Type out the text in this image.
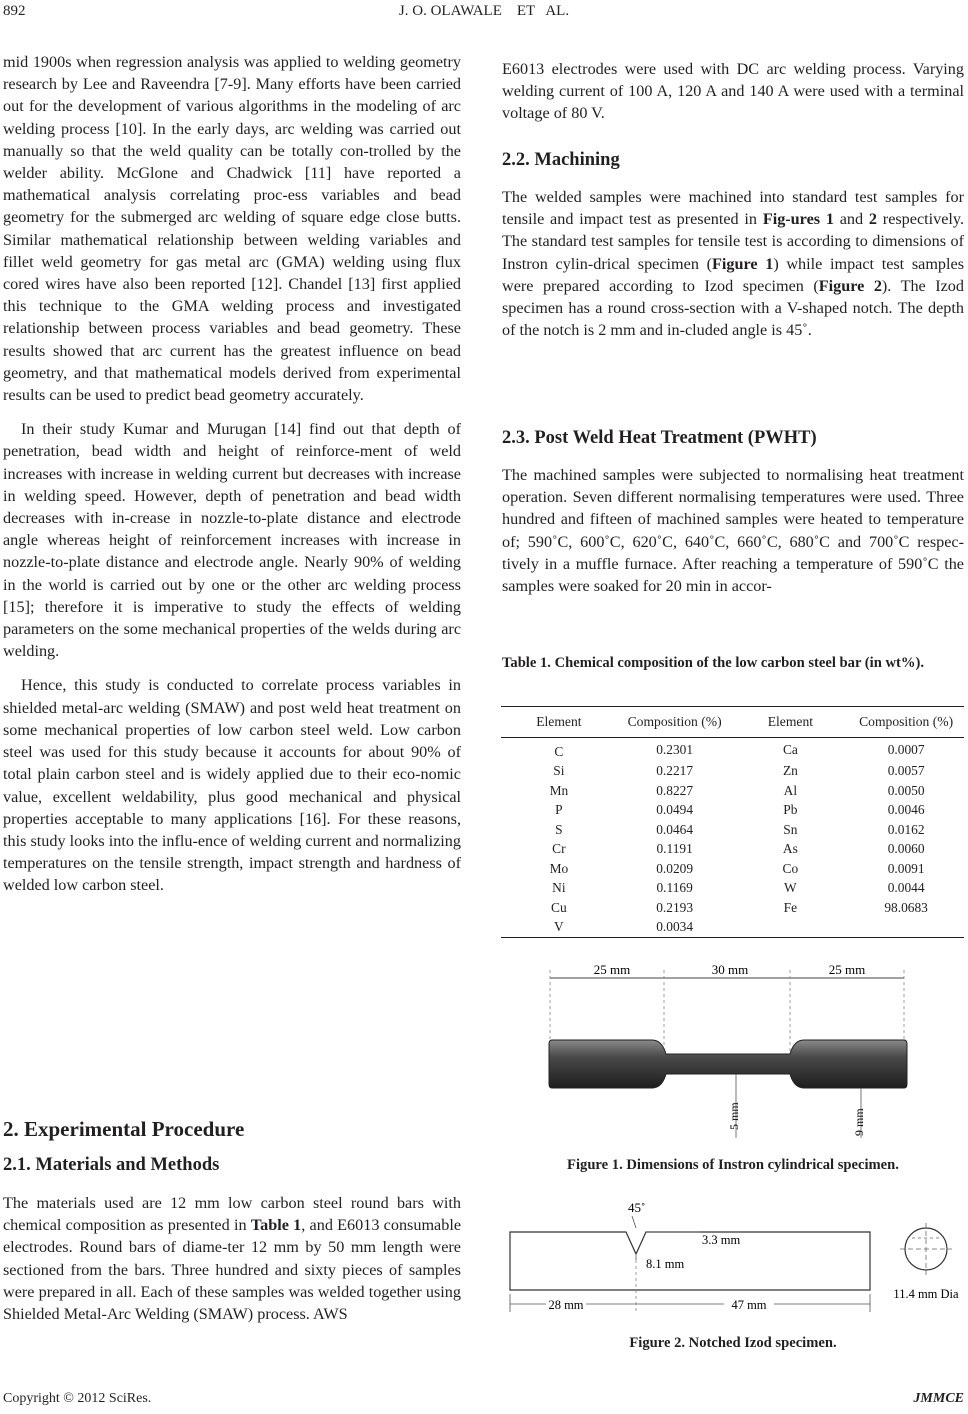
892	J. O. OLAWALE    ET   AL.

mid 1900s when regression analysis was applied to welding geometry research by Lee and Raveendra [7-9]. Many efforts have been carried out for the development of various algorithms in the modeling of arc welding process [10]. In the early days, arc welding was carried out manually so that the weld quality can be totally con-trolled by the welder ability. McGlone and Chadwick [11] have reported a mathematical analysis correlating proc-ess variables and bead geometry for the submerged arc welding of square edge close butts. Similar mathematical relationship between welding variables and fillet weld geometry for gas metal arc (GMA) welding using flux cored wires have also been reported [12]. Chandel [13] first applied this technique to the GMA welding process and investigated relationship between process variables and bead geometry. These results showed that arc current has the greatest influence on bead geometry, and that mathematical models derived from experimental results can be used to predict bead geometry accurately.

In their study Kumar and Murugan [14] find out that depth of penetration, bead width and height of reinforce-ment of weld increases with increase in welding current but decreases with increase in welding speed. However, depth of penetration and bead width decreases with in-crease in nozzle-to-plate distance and electrode angle whereas height of reinforcement increases with increase in nozzle-to-plate distance and electrode angle. Nearly 90% of welding in the world is carried out by one or the other arc welding process [15]; therefore it is imperative to study the effects of welding parameters on the some mechanical properties of the welds during arc welding.

Hence, this study is conducted to correlate process variables in shielded metal-arc welding (SMAW) and post weld heat treatment on some mechanical properties of low carbon steel weld. Low carbon steel was used for this study because it accounts for about 90% of total plain carbon steel and is widely applied due to their eco-nomic value, excellent weldability, plus good mechanical and physical properties acceptable to many applications [16]. For these reasons, this study looks into the influ-ence of welding current and normalizing temperatures on the tensile strength, impact strength and hardness of welded low carbon steel.

2. Experimental Procedure
2.1. Materials and Methods

The materials used are 12 mm low carbon steel round bars with chemical composition as presented in Table 1, and E6013 consumable electrodes. Round bars of diame-ter 12 mm by 50 mm length were sectioned from the bars. Three hundred and sixty pieces of samples were prepared in all. Each of these samples was welded together using Shielded Metal-Arc Welding (SMAW) process. AWS

E6013 electrodes were used with DC arc welding process. Varying welding current of 100 A, 120 A and 140 A were used with a terminal voltage of 80 V.

2.2. Machining

The welded samples were machined into standard test samples for tensile and impact test as presented in Fig-ures 1 and 2 respectively. The standard test samples for tensile test is according to dimensions of Instron cylin-drical specimen (Figure 1) while impact test samples were prepared according to Izod specimen (Figure 2). The Izod specimen has a round cross-section with a V-shaped notch. The depth of the notch is 2 mm and in-cluded angle is 45˚.

2.3. Post Weld Heat Treatment (PWHT)

The machined samples were subjected to normalising heat treatment operation. Seven different normalising temperatures were used. Three hundred and fifteen of machined samples were heated to temperature of; 590˚C, 600˚C, 620˚C, 640˚C, 660˚C, 680˚C and 700˚C respec-tively in a muffle furnace. After reaching a temperature of 590˚C the samples were soaked for 20 min in accor-

Table 1. Chemical composition of the low carbon steel bar (in wt%).
Element	Composition (%)	Element	Composition (%)
C	0.2301	Ca	0.0007
Si	0.2217	Zn	0.0057
Mn	0.8227	Al	0.0050
P	0.0494	Pb	0.0046
S	0.0464	Sn	0.0162
Cr	0.1191	As	0.0060
Mo	0.0209	Co	0.0091
Ni	0.1169	W	0.0044
Cu	0.2193	Fe	98.0683
V	0.0034		
25 mm	30 mm	25 mm
5 mm	9 mm
Figure 1. Dimensions of Instron cylindrical specimen.
45˚
3.3 mm
8.1 mm
28 mm	47 mm
11.4 mm Dia
Figure 2. Notched Izod specimen.
Copyright © 2012 SciRes.	JMMCE
